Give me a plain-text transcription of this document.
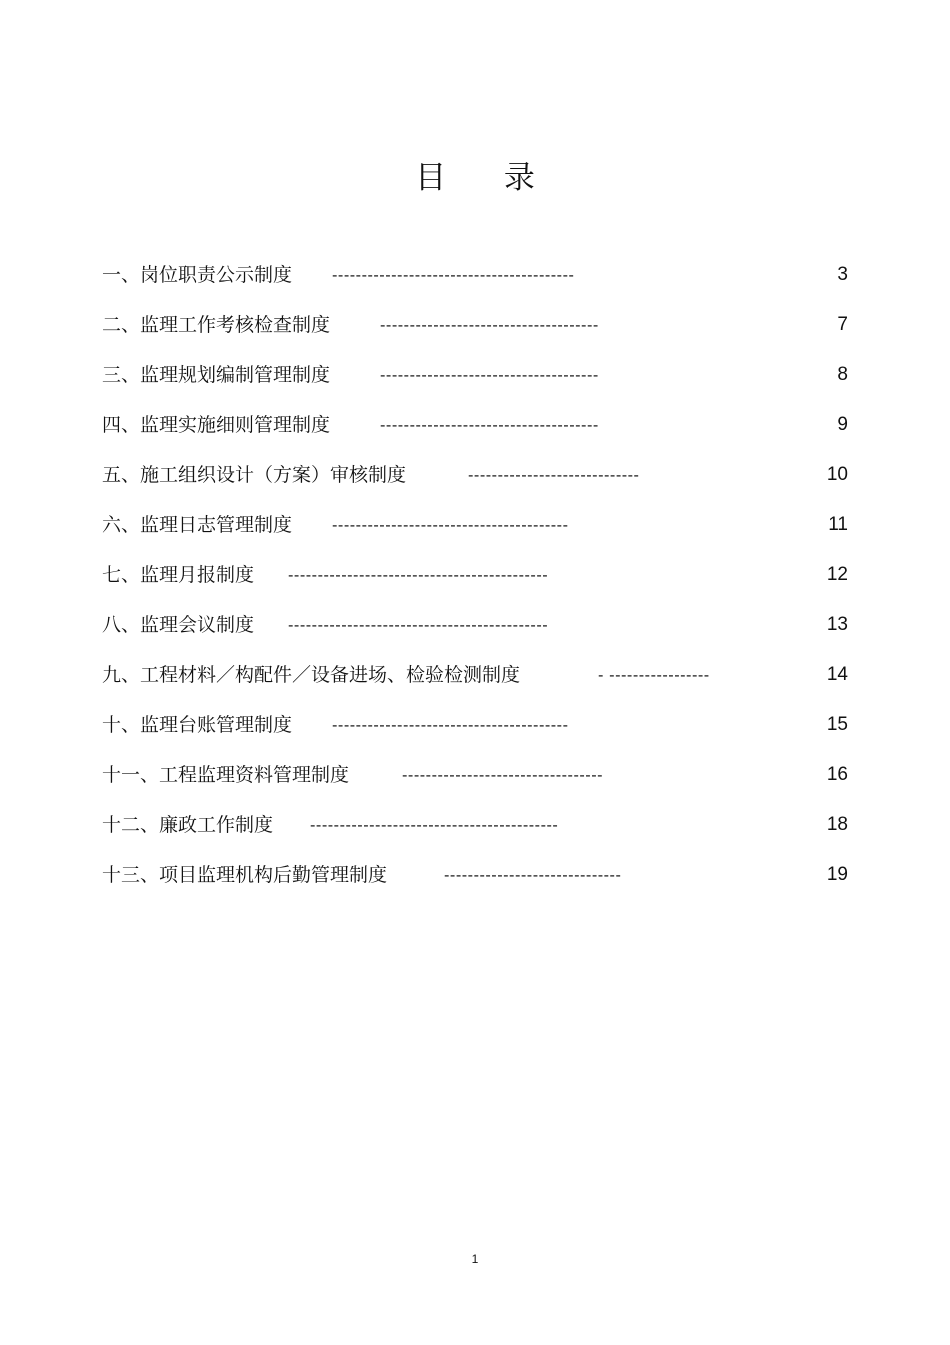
目 录
一、岗位职责公示制度	-----------------------------------------	3
二、监理工作考核检查制度	-------------------------------------	7
三、监理规划编制管理制度	-------------------------------------	8
四、监理实施细则管理制度	-------------------------------------	9
五、施工组织设计（方案）审核制度	-----------------------------	10
六、监理日志管理制度	----------------------------------------	11
七、监理月报制度 --------------------------------------------	12
八、监理会议制度 --------------------------------------------	13
九、工程材料／构配件／设备进场、检验检测制度	- -----------------	14
十、监理台账管理制度	----------------------------------------	15
十一、工程监理资料管理制度	----------------------------------	16
十二、廉政工作制度 ------------------------------------------	18
十三、项目监理机构后勤管理制度	------------------------------	19
1
